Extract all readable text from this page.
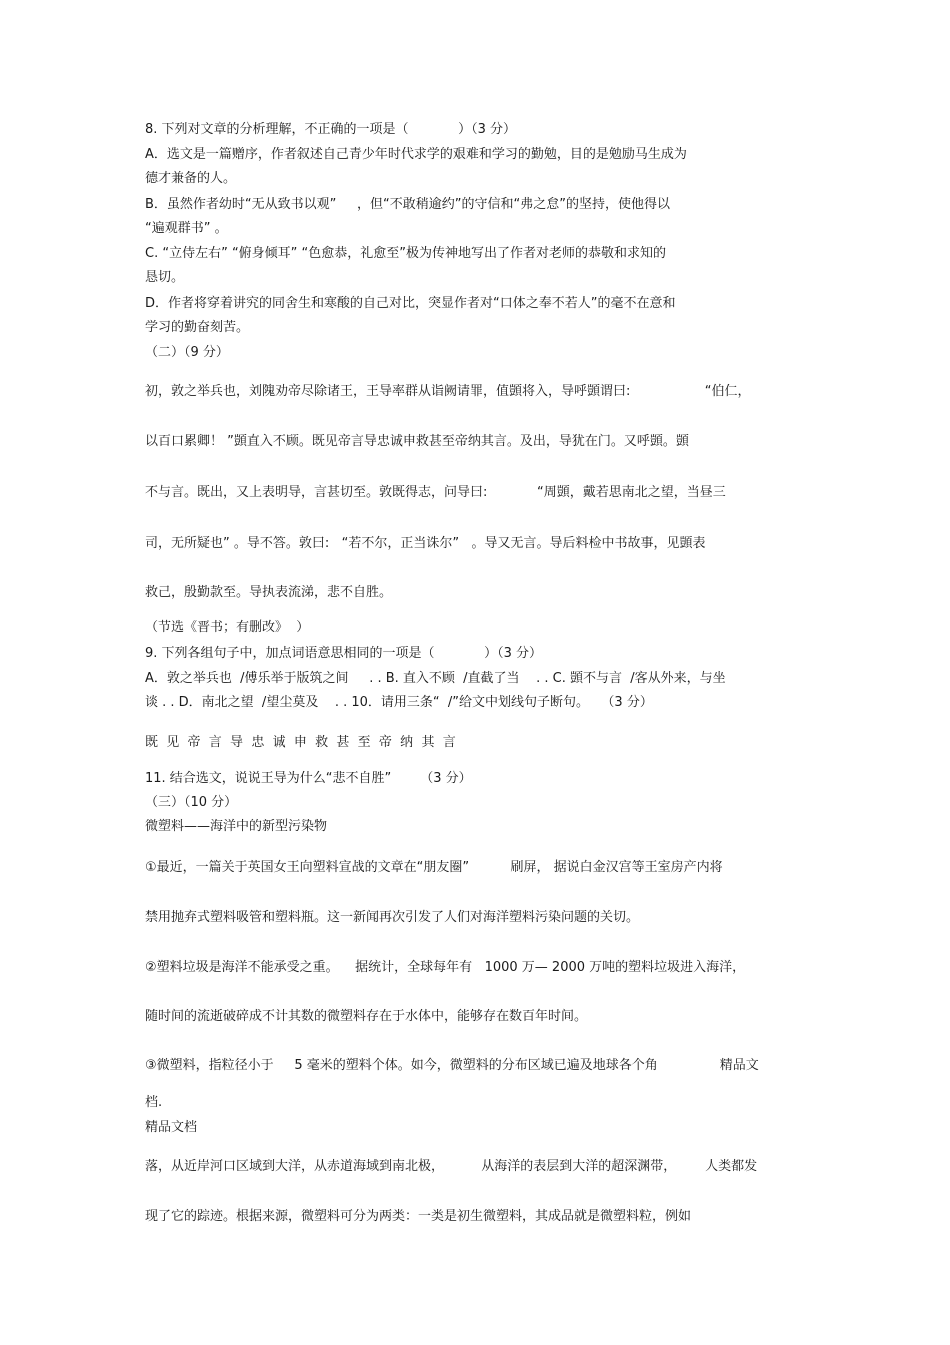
8. 下列对文章的分析理解，不正确的一项是（            ）（3 分）
A．选文是一篇赠序，作者叙述自己青少年时代求学的艰难和学习的勤勉，目的是勉励马生成为
德才兼备的人。
B．虽然作者幼时“无从致书以观”     ，但“不敢稍逾约”的守信和“弗之怠”的坚持，使他得以
“遍观群书” 。
C. “立侍左右” “俯身倾耳” “色愈恭，礼愈至”极为传神地写出了作者对老师的恭敬和求知的
恳切。
D．作者将穿着讲究的同舍生和寒酸的自己对比，突显作者对“口体之奉不若人”的毫不在意和
学习的勤奋刻苦。
（二）（9 分）
初，敦之举兵也，刘隗劝帝尽除诸王，王导率群从诣阙请罪，值顗将入，导呼顗谓曰:                  “伯仁，
以百口累卿！ ”顗直入不顾。既见帝言导忠诚申救甚至帝纳其言。及出，导犹在门。又呼顗。顗
不与言。既出，又上表明导，言甚切至。敦既得志，问导曰:            “周顗，戴若思南北之望，当昼三
司，无所疑也” 。导不答。敦曰:   “若不尔，正当诛尔”   。导又无言。导后料检中书故事，见顗表
救己，殷勤款至。导执表流涕，悲不自胜。
（节选《晋书；有删改》  ）
9. 下列各组句子中，加点词语意思相同的一项是（            ）（3 分）
A．敦之举兵也  /傅乐举于版筑之间     . . B. 直入不顾  /直截了当    . . C. 顗不与言  /客从外来，与坐
谈 . . D．南北之望  /望尘莫及    . . 10．请用三条“  /”给文中划线句子断句。   （3 分）
既  见  帝  言  导  忠  诚  申  救  甚  至  帝  纳  其  言
11. 结合选文，说说王导为什么“悲不自胜”       （3 分）
（三）（10 分）
微塑料——海洋中的新型污染物
①最近，一篇关于英国女王向塑料宣战的文章在“朋友圈”          刷屏， 据说白金汉宫等王室房产内将
禁用抛弃式塑料吸管和塑料瓶。这一新闻再次引发了人们对海洋塑料污染问题的关切。
②塑料垃圾是海洋不能承受之重。    据统计，全球每年有   1000 万— 2000 万吨的塑料垃圾进入海洋，
随时间的流逝破碎成不计其数的微塑料存在于水体中，能够存在数百年时间。
③微塑料，指粒径小于     5 毫米的塑料个体。如今，微塑料的分布区域已遍及地球各个角               精品文
档.
精品文档
落，从近岸河口区域到大洋，从赤道海域到南北极，         从海洋的表层到大洋的超深渊带，       人类都发
现了它的踪迹。根据来源，微塑料可分为两类：一类是初生微塑料，其成品就是微塑料粒，例如
